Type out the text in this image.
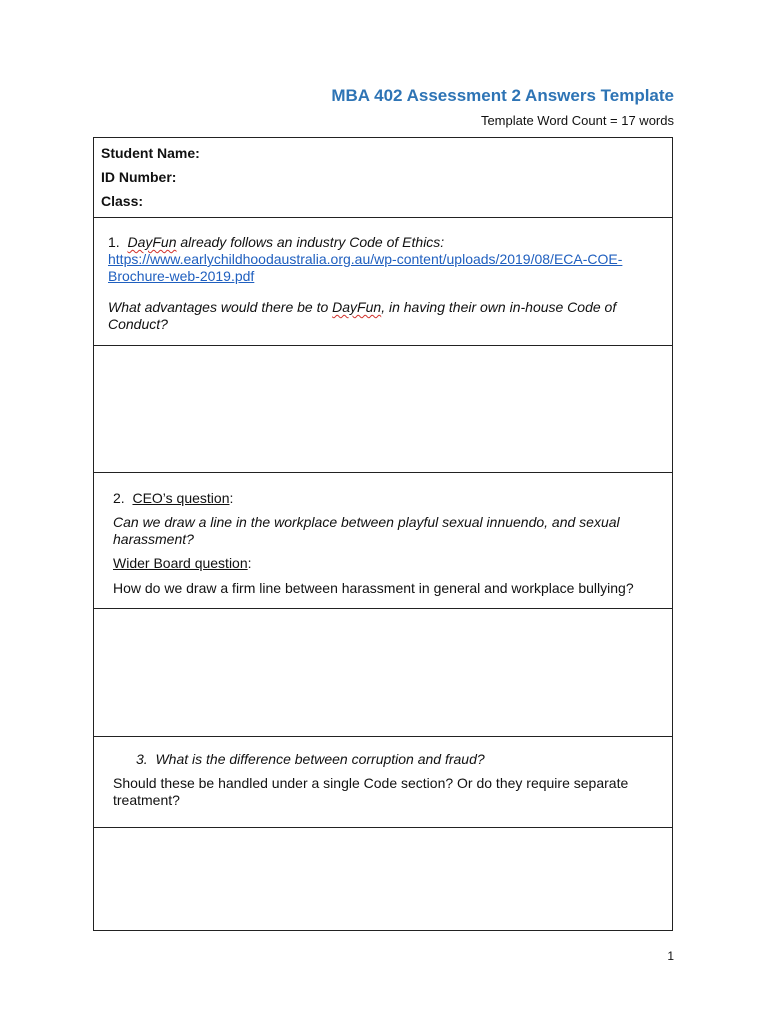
MBA 402 Assessment 2 Answers Template
Template Word Count = 17 words
Student Name:
ID Number:
Class:
1. DayFun already follows an industry Code of Ethics:
https://www.earlychildhoodaustralia.org.au/wp-content/uploads/2019/08/ECA-COE-
Brochure-web-2019.pdf
What advantages would there be to DayFun, in having their own in-house Code of
Conduct?
2. CEO’s question:
Can we draw a line in the workplace between playful sexual innuendo, and sexual
harassment?
Wider Board question:
How do we draw a firm line between harassment in general and workplace bullying?
3. What is the difference between corruption and fraud?
Should these be handled under a single Code section? Or do they require separate
treatment?
1
